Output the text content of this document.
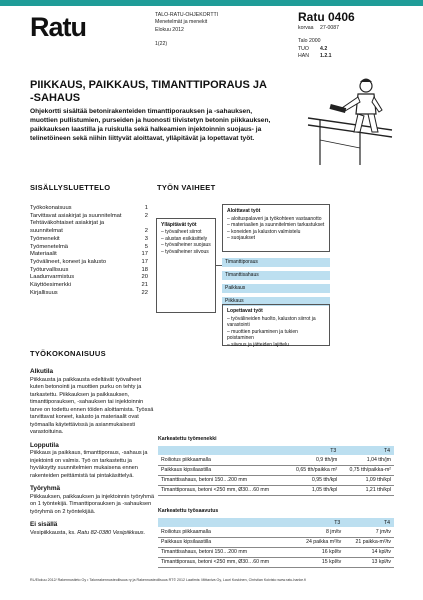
Ratu	TALO-RATU-OHJEKORTTI
Menetelmät ja menekit
Elokuu 2012
1(22)
Ratu 0406
korvaa	27-0087
Talo 2000
TUO	4.2
HAN	1.2.1
PIIKKAUS, PAIKKAUS, TIMANTTIPORAUS JA -SAHAUS
Ohjekortti sisältää betonirakenteiden timanttiporauksen ja -sahauksen, muottien pullistumien, purseiden ja huonosti tiivistetyn betonin piikkauksen, paikkauksen laastilla ja ruiskulla sekä halkeamien injektoinnin suojaus- ja telinetöineen sekä niihin liittyvät aloittavat, ylläpitävät ja lopettavat työt.
SISÄLLYSLUETTELO
Työkokonaisuus	1
Tarvittavat asiakirjat ja suunnitelmat	2
Tehtäväkohtaiset asiakirjat ja
suunnitelmat	2
Työmenekit	3
Työmenetelmä	5
Materiaalit	17
Työvälineet, koneet ja kalusto	17
Työturvallisuus	18
Laadunvarmistus	20
Käyttöesimerkki	21
Kirjallisuus	22
TYÖN VAIHEET
Ylläpitävät työt
– työvaiheet siirrot
– alustan esikäsittely
– työvaiheiner suojaus
– työvaiheiner siivous
Aloittavat työt
– aloituspalaveri ja työkohteen vastaanotto
– materiaalien ja suunnitelmien tarkastukset
– koneiden ja kaluston valmistelu
– suojaukset
Timanttiporaus
Timanttisahaus
Paikkaus
Piikkaus
Lopettavat työt
– työvälineiden huolto, kaluston siirrot ja varastointi
– muottien purkaminen ja tukien poistaminen
– siivous ja jätteiden lajittelu
TYÖKOKONAISUUS
Alkutila

Piikkausta ja paikkausta edeltävät työvaiheet kuten betonointi ja muottien purku on tehty ja tarkastettu. Piikkauksen ja paikkauksen, timanttiporauksen, -sahauksen tai injektoinnin tarve on todettu ennen töiden aloittamista. Työssä tarvittavat koneet, kalusto ja materiaalit ovat työmaalla käytettävissä ja asianmukaisesti varastoituina.

Lopputila

Piikkaus ja paikkaus, timanttiporaus, -sahaus ja injektointi on valmis. Työ on tarkastettu ja hyväksytty suunnitelmien mukaisena ennen rakenteiden peittämistä tai pintakäsittelyä.

Työryhmä

Piikkauksen, paikkauksen ja injektoinnin työryhmä on 1 työntekijä. Timanttiporauksen ja -sahauksen työryhmä on 2 työntekijää.

Ei sisällä

Vesipiikkausta, ks. Ratu 82-0380 Vesipiikkaus.

Karkeatettu työmenekki
	T3	T4
Roiliotus piikkaamalla	0,9 tth/jm	1,04 tth/jm
Paikkaus kipsilaastilla	0,65 tth/paikka m²	0,75 tth/paikka-m²
Timanttisahaus, betoni 150…200 mm	0,95 tth/kpl	1,09 tth/kpl
Timanttiporaus, betoni <250 mm, Ø30…60 mm	1,05 tth/kpl	1,21 tth/kpl
Karkeatettu työsaavutus
	T3	T4
Roiliotus piikkaamalla	8 jm/tv	7 jm/tv
Paikkaus kipsilaastilla	24 paikka m²/tv	21 paikka-m²/tv
Timanttisahaus, betoni 150…200 mm	16 kpl/tv	14 kpl/tv
Timanttiporaus, betoni <250 mm, Ø30…60 mm	15 kpl/tv	13 kpl/tv
RL/Elokuu 2012/ Rakennustieto Oy • Talonrakennusteollisuus ry ja Rakennusteollisuus RT© 2012 Laatimis: Mittaviva Oy, Lauri Koskinen, Christian Koivisto www.ratu-hanke.fi
